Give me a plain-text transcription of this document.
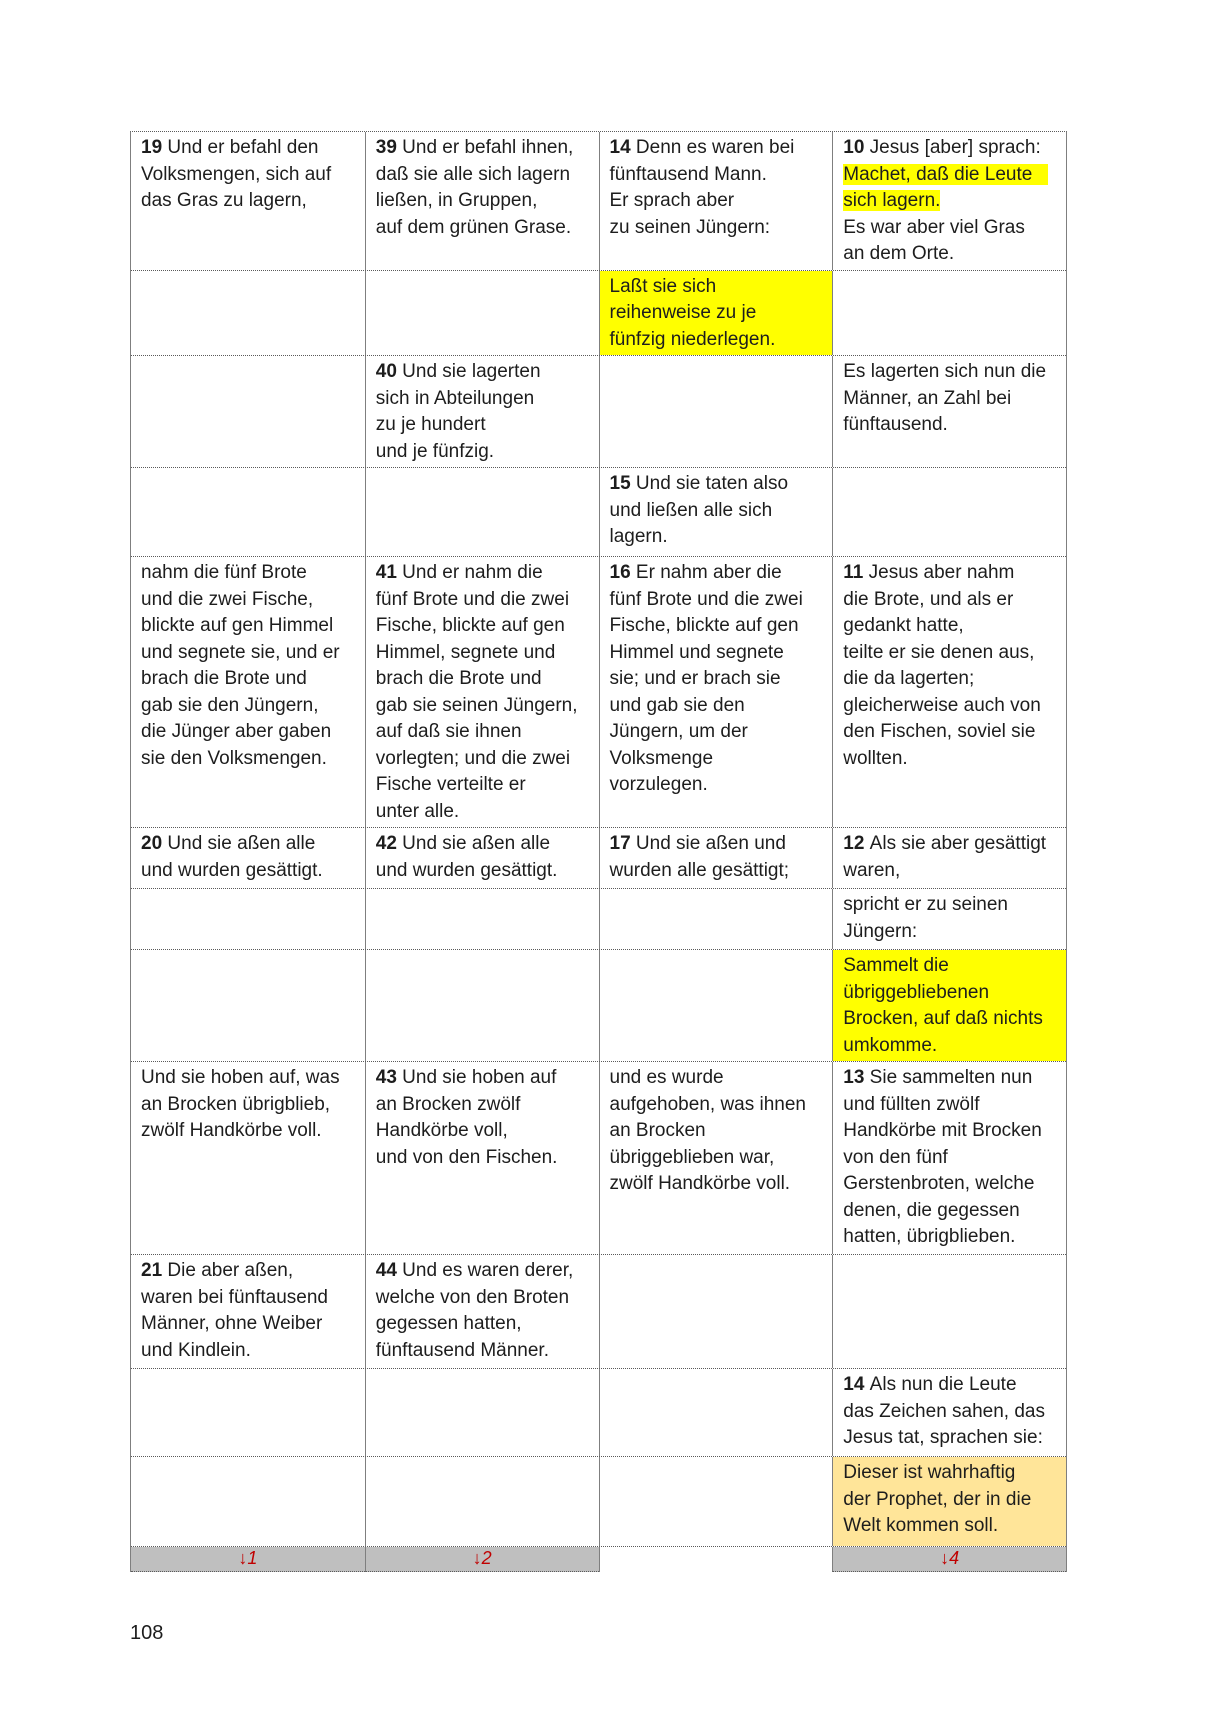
19 Und er befahl den
Volksmengen, sich auf
das Gras zu lagern,
39 Und er befahl ihnen,
daß sie alle sich lagern
ließen, in Gruppen,
auf dem grünen Grase.
14 Denn es waren bei
fünftausend Mann.
Er sprach aber
zu seinen Jüngern:
10 Jesus [aber] sprach:
Machet, daß die Leute
sich lagern.
Es war aber viel Gras
an dem Orte.
Laßt sie sich
reihenweise zu je
fünfzig niederlegen.
40 Und sie lagerten
sich in Abteilungen
zu je hundert
und je fünfzig.
Es lagerten sich nun die
Männer, an Zahl bei
fünftausend.
15 Und sie taten also
und ließen alle sich
lagern.
nahm die fünf Brote
und die zwei Fische,
blickte auf gen Himmel
und segnete sie, und er
brach die Brote und
gab sie den Jüngern,
die Jünger aber gaben
sie den Volksmengen.
41 Und er nahm die
fünf Brote und die zwei
Fische, blickte auf gen
Himmel, segnete und
brach die Brote und
gab sie seinen Jüngern,
auf daß sie ihnen
vorlegten; und die zwei
Fische verteilte er
unter alle.
16 Er nahm aber die
fünf Brote und die zwei
Fische, blickte auf gen
Himmel und segnete
sie; und er brach sie
und gab sie den
Jüngern, um der
Volksmenge
vorzulegen.
11 Jesus aber nahm
die Brote, und als er
gedankt hatte,
teilte er sie denen aus,
die da lagerten;
gleicherweise auch von
den Fischen, soviel sie
wollten.
20 Und sie aßen alle
und wurden gesättigt.
42 Und sie aßen alle
und wurden gesättigt.
17 Und sie aßen und
wurden alle gesättigt;
12 Als sie aber gesättigt
waren,
spricht er zu seinen
Jüngern:
Sammelt die
übriggebliebenen
Brocken, auf daß nichts
umkomme.
Und sie hoben auf, was
an Brocken übrigblieb,
zwölf Handkörbe voll.
43 Und sie hoben auf
an Brocken zwölf
Handkörbe voll,
und von den Fischen.
und es wurde
aufgehoben, was ihnen
an Brocken
übriggeblieben war,
zwölf Handkörbe voll.
13 Sie sammelten nun
und füllten zwölf
Handkörbe mit Brocken
von den fünf
Gerstenbroten, welche
denen, die gegessen
hatten, übrigblieben.
21 Die aber aßen,
waren bei fünftausend
Männer, ohne Weiber
und Kindlein.
44 Und es waren derer,
welche von den Broten
gegessen hatten,
fünftausend Männer.
14 Als nun die Leute
das Zeichen sahen, das
Jesus tat, sprachen sie:
Dieser ist wahrhaftig
der Prophet, der in die
Welt kommen soll.
↓1	↓2	↓4
108
